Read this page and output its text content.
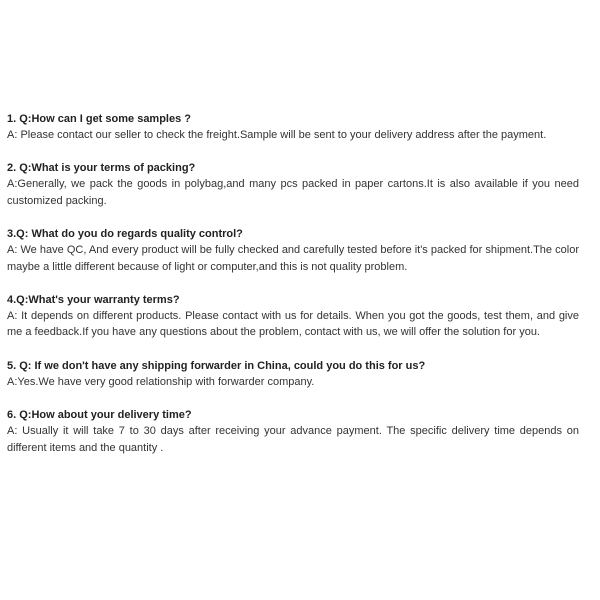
1. Q:How can I get some samples ?

A: Please contact our seller to check the freight.Sample will be sent to your delivery address after the payment.

2. Q:What is your terms of packing?

A:Generally, we pack the goods in polybag,and many pcs packed in paper cartons.It is also available if you need customized packing.

3.Q: What do you do regards quality control?

A: We have QC, And every product will be fully checked and carefully tested before it's packed for shipment.The color maybe a little different because of light or computer,and this is not quality problem.

4.Q:What's your warranty terms?

A: It depends on different products. Please contact with us for details. When you got the goods, test them, and give me a feedback.If you have any questions about the problem, contact with us, we will offer the solution for you.

5. Q: If we don't have any shipping forwarder in China, could you do this for us?

A:Yes.We have very good relationship with forwarder company.

6. Q:How about your delivery time?

A: Usually it will take 7 to 30 days after receiving your advance payment. The specific delivery time depends on different items and the quantity .
